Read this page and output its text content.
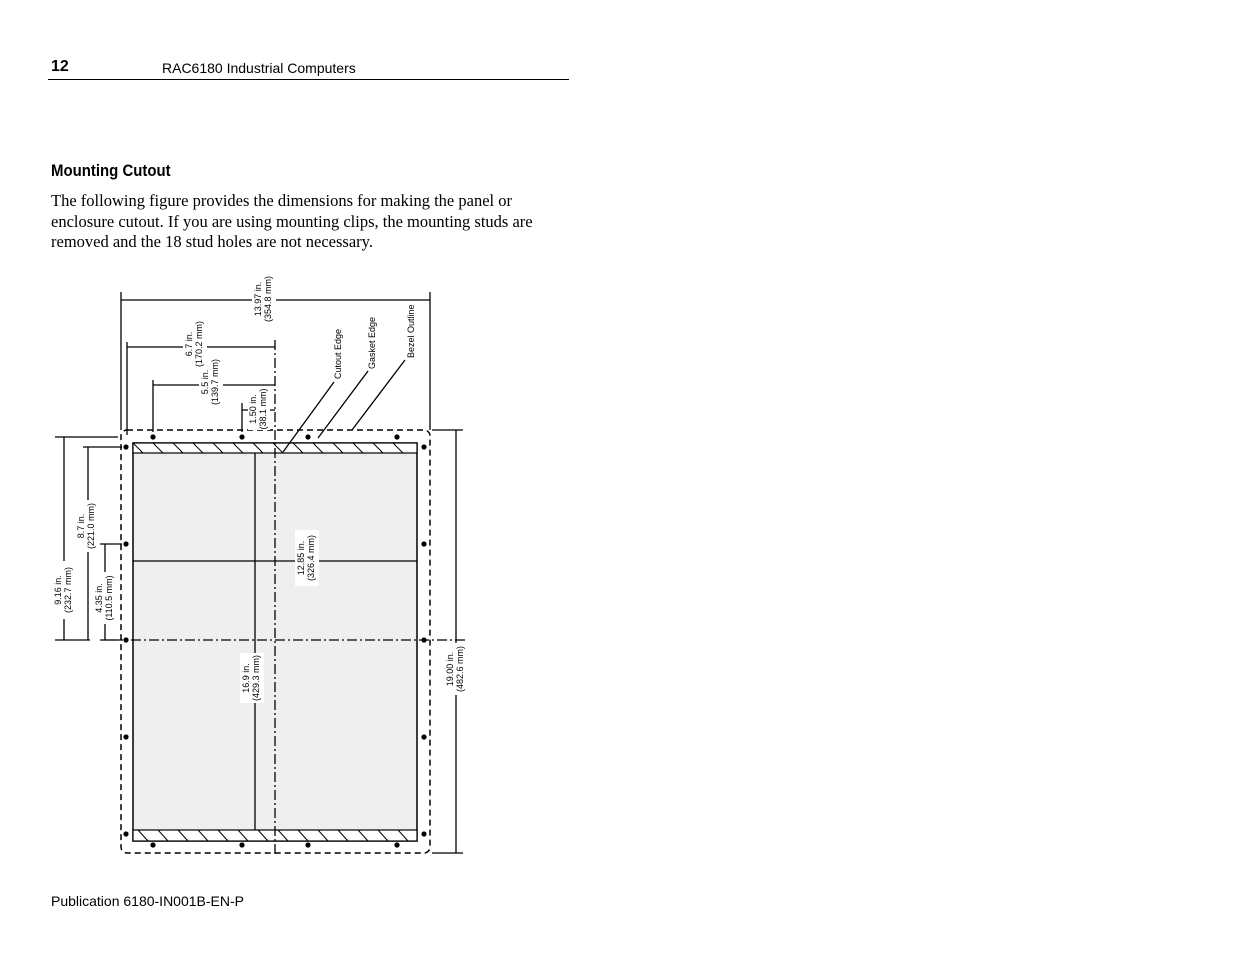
12	RAC6180 Industrial Computers
Mounting Cutout
The following figure provides the dimensions for making the panel or
enclosure cutout. If you are using mounting clips, the mounting studs are
removed and the 18 stud holes are not necessary.
13.97 in. (354.8 mm)
6.7 in. (170.2 mm)
5.5 in. (139.7 mm)
1.50 in. (38.1 mm)
9.16 in. (232.7 mm)
8.7 in. (221.0 mm)
4.35 in. (110.5 mm)
12.85 in. (326.4 mm)
16.9 in. (429.3 mm)	19.00 in. (482.6 mm)
Cutout Edge	Gasket Edge	Bezel Outline
Publication 6180-IN001B-EN-P
